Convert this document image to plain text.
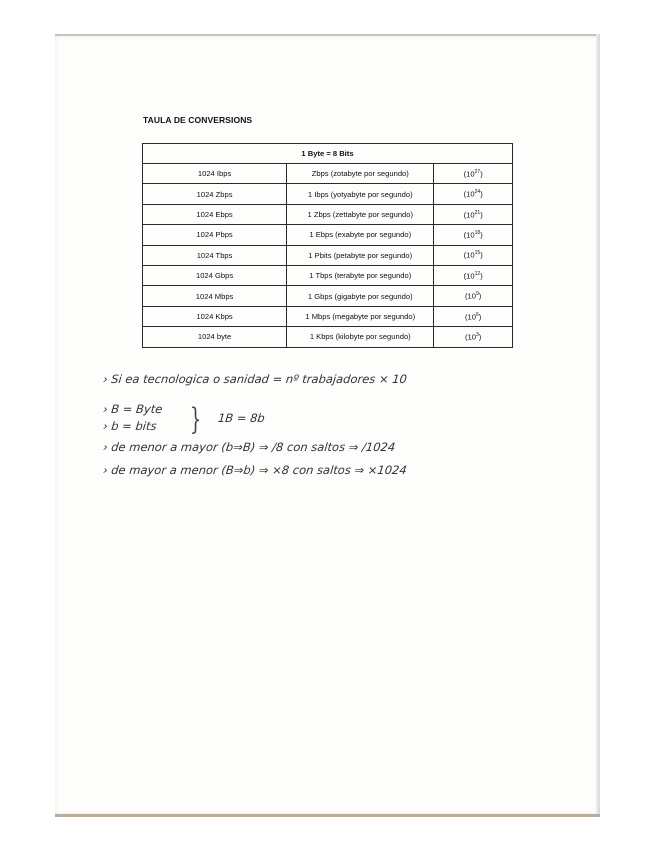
TAULA DE CONVERSIONS
1 Byte = 8 Bits		
1024 Ibps	Zbps (zotabyte por segundo)	$(10^{27})$
1024 Zbps	1 Ibps (yotyabyte por segundo)	$(10^{24})$
1024 Ebps	1 Zbps (zettabyte por segundo)	$(10^{21})$
1024 Pbps	1 Ebps (exabyte por segundo)	$(10^{18})$
1024 Tbps	1 Pbits (petabyte por segundo)	$(10^{15})$
1024 Gbps	1 Tbps (terabyte por segundo)	$(10^{12})$
1024 Mbps	1 Gbps (gigabyte por segundo)	$(10^9)$
1024 Kbps	1 Mbps (megabyte por segundo)	$(10^6)$
1024 byte	1 Kbps (kilobyte por segundo)	$(10^3)$
› Si ea tecnologica o sanidad = nº trabajadores × 10
› B = Byte
› b = bits } 1B = 8b
› de menor a mayor (b⇒B) ⇒ /8 con saltos ⇒ /1024
› de mayor a menor (B⇒b) ⇒ ×8 con saltos ⇒ ×1024
